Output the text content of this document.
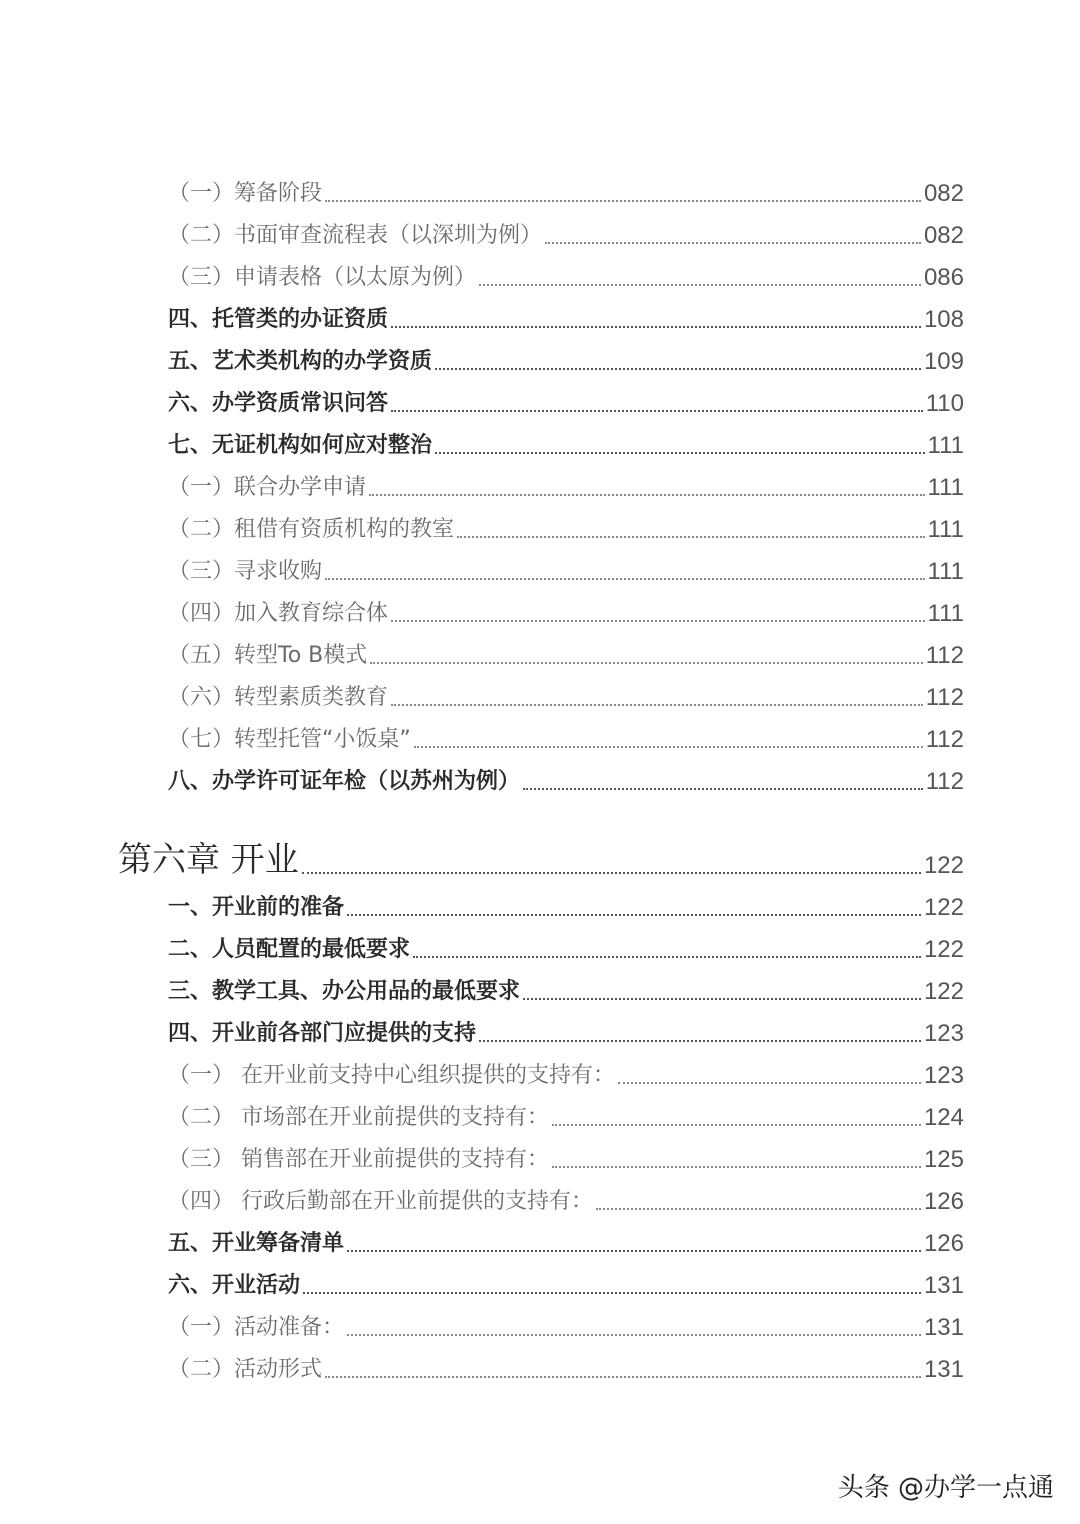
（一）筹备阶段	082
（二）书面审查流程表（以深圳为例）	082
（三）申请表格（以太原为例）	086
四、托管类的办证资质	108
五、艺术类机构的办学资质	109
六、办学资质常识问答	110
七、无证机构如何应对整治	111
（一）联合办学申请	111
（二）租借有资质机构的教室	111
（三）寻求收购	111
（四）加入教育综合体	111
（五）转型To B模式	112
（六）转型素质类教育	112
（七）转型托管“小饭桌”	112
八、办学许可证年检（以苏州为例）	112
第六章 开业	122
一、开业前的准备	122
二、人员配置的最低要求	122
三、教学工具、办公用品的最低要求	122
四、开业前各部门应提供的支持	123
（一） 在开业前支持中心组织提供的支持有：	123
（二） 市场部在开业前提供的支持有：	124
（三） 销售部在开业前提供的支持有：	125
（四） 行政后勤部在开业前提供的支持有：	126
五、开业筹备清单	126
六、开业活动	131
（一）活动准备：	131
（二）活动形式	131
头条 @办学一点通
